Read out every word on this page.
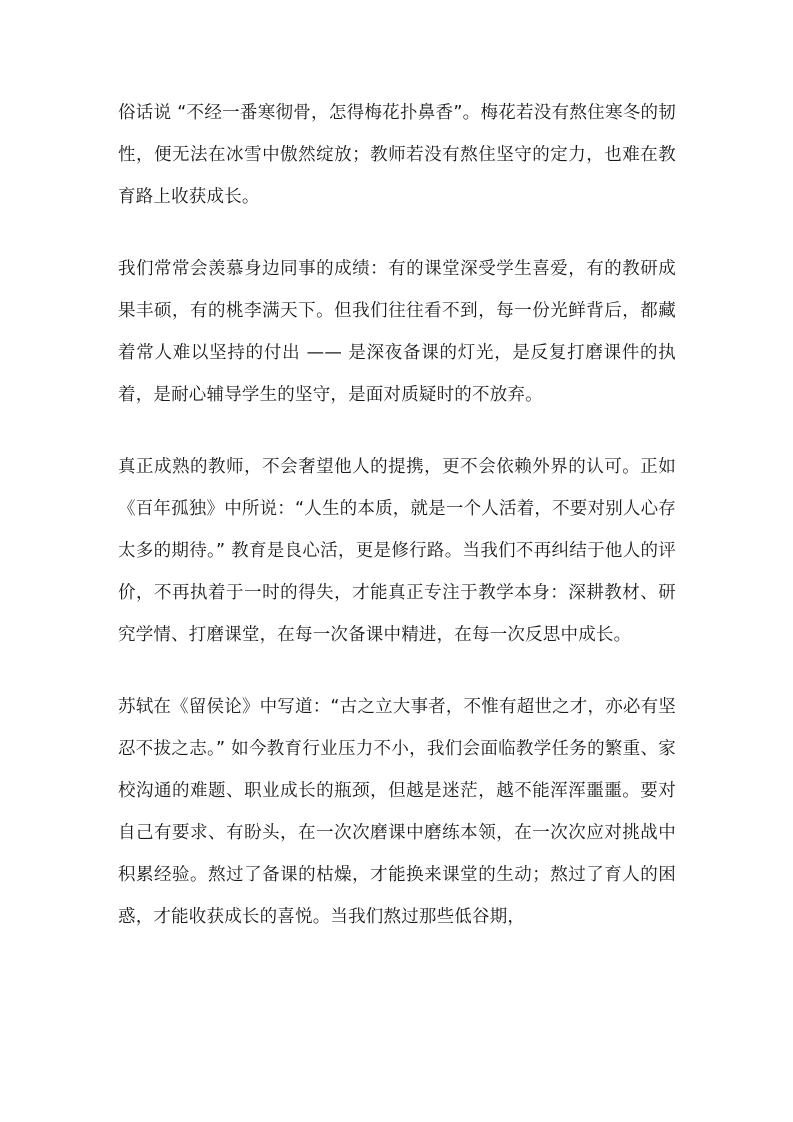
俗话说 “不经一番寒彻骨，怎得梅花扑鼻香”。梅花若没有熬住寒冬的韧性，便无法在冰雪中傲然绽放；教师若没有熬住坚守的定力，也难在教育路上收获成长。

我们常常会羡慕身边同事的成绩：有的课堂深受学生喜爱，有的教研成果丰硕，有的桃李满天下。但我们往往看不到，每一份光鲜背后，都藏着常人难以坚持的付出 —— 是深夜备课的灯光，是反复打磨课件的执着，是耐心辅导学生的坚守，是面对质疑时的不放弃。

真正成熟的教师，不会奢望他人的提携，更不会依赖外界的认可。正如《百年孤独》中所说：“人生的本质，就是一个人活着，不要对别人心存太多的期待。” 教育是良心活，更是修行路。当我们不再纠结于他人的评价，不再执着于一时的得失，才能真正专注于教学本身：深耕教材、研究学情、打磨课堂，在每一次备课中精进，在每一次反思中成长。

苏轼在《留侯论》中写道：“古之立大事者，不惟有超世之才，亦必有坚忍不拔之志。” 如今教育行业压力不小，我们会面临教学任务的繁重、家校沟通的难题、职业成长的瓶颈，但越是迷茫，越不能浑浑噩噩。要对自己有要求、有盼头，在一次次磨课中磨练本领，在一次次应对挑战中积累经验。熬过了备课的枯燥，才能换来课堂的生动；熬过了育人的困惑，才能收获成长的喜悦。当我们熬过那些低谷期，
